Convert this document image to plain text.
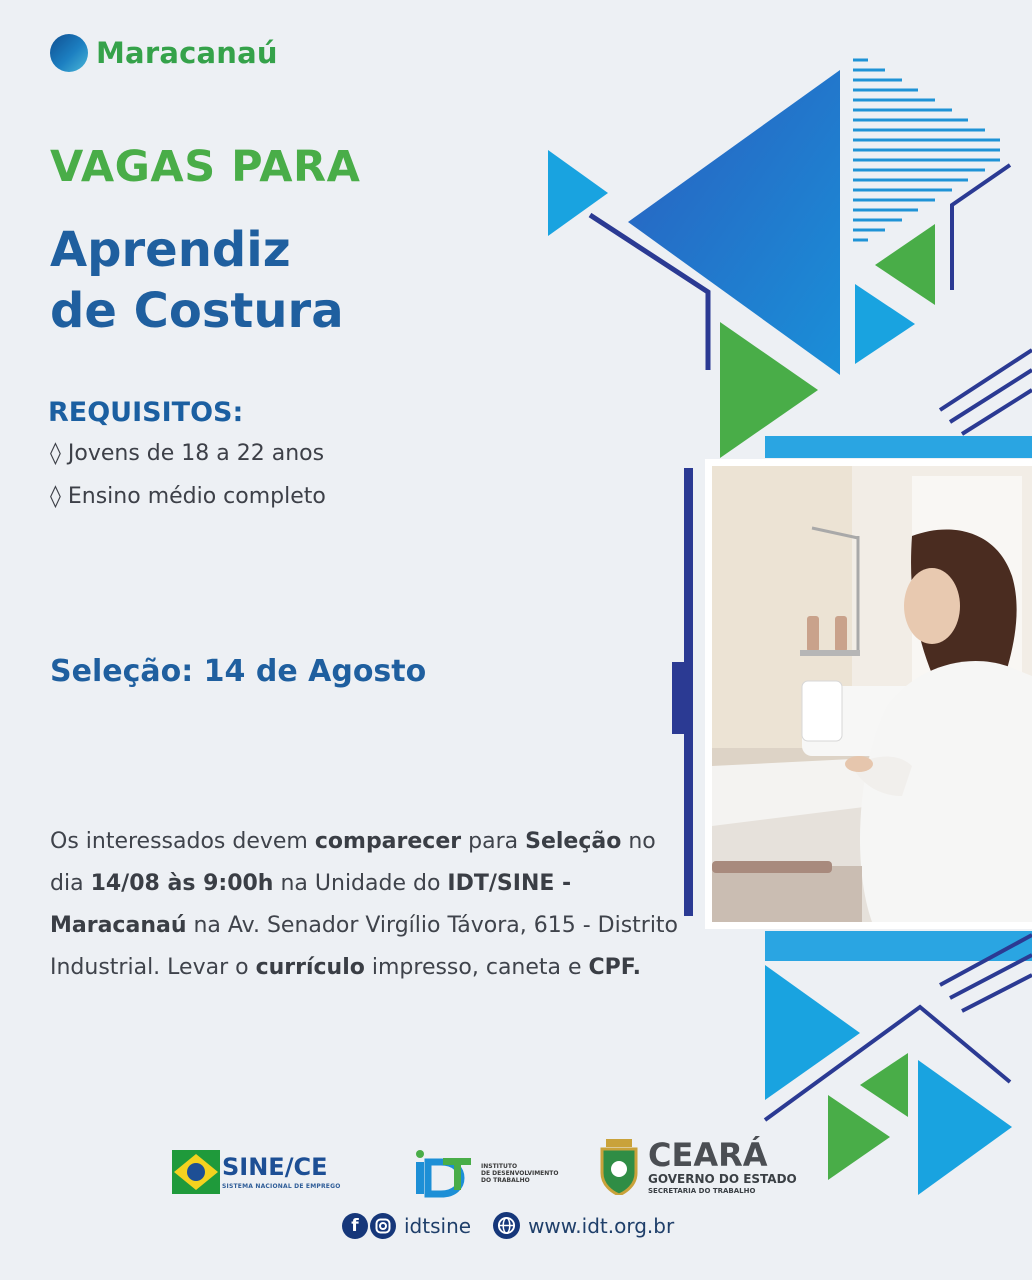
Maracanaú
VAGAS PARA
Aprendiz
de Costura
REQUISITOS:
◊ Jovens de 18 a 22 anos
◊ Ensino médio completo
Seleção: 14 de Agosto
Os interessados devem comparecer para Seleção no dia 14/08 às 9:00h na Unidade do IDT/SINE - Maracanaú na Av. Senador Virgílio Távora, 615 - Distrito Industrial. Levar o currículo impresso, caneta e CPF.
SINE/CE
SISTEMA NACIONAL DE EMPREGO
INSTITUTO
DE DESENVOLVIMENTO
DO TRABALHO
CEARÁ
GOVERNO DO ESTADO
SECRETARIA DO TRABALHO
f	idtsine	www.idt.org.br
